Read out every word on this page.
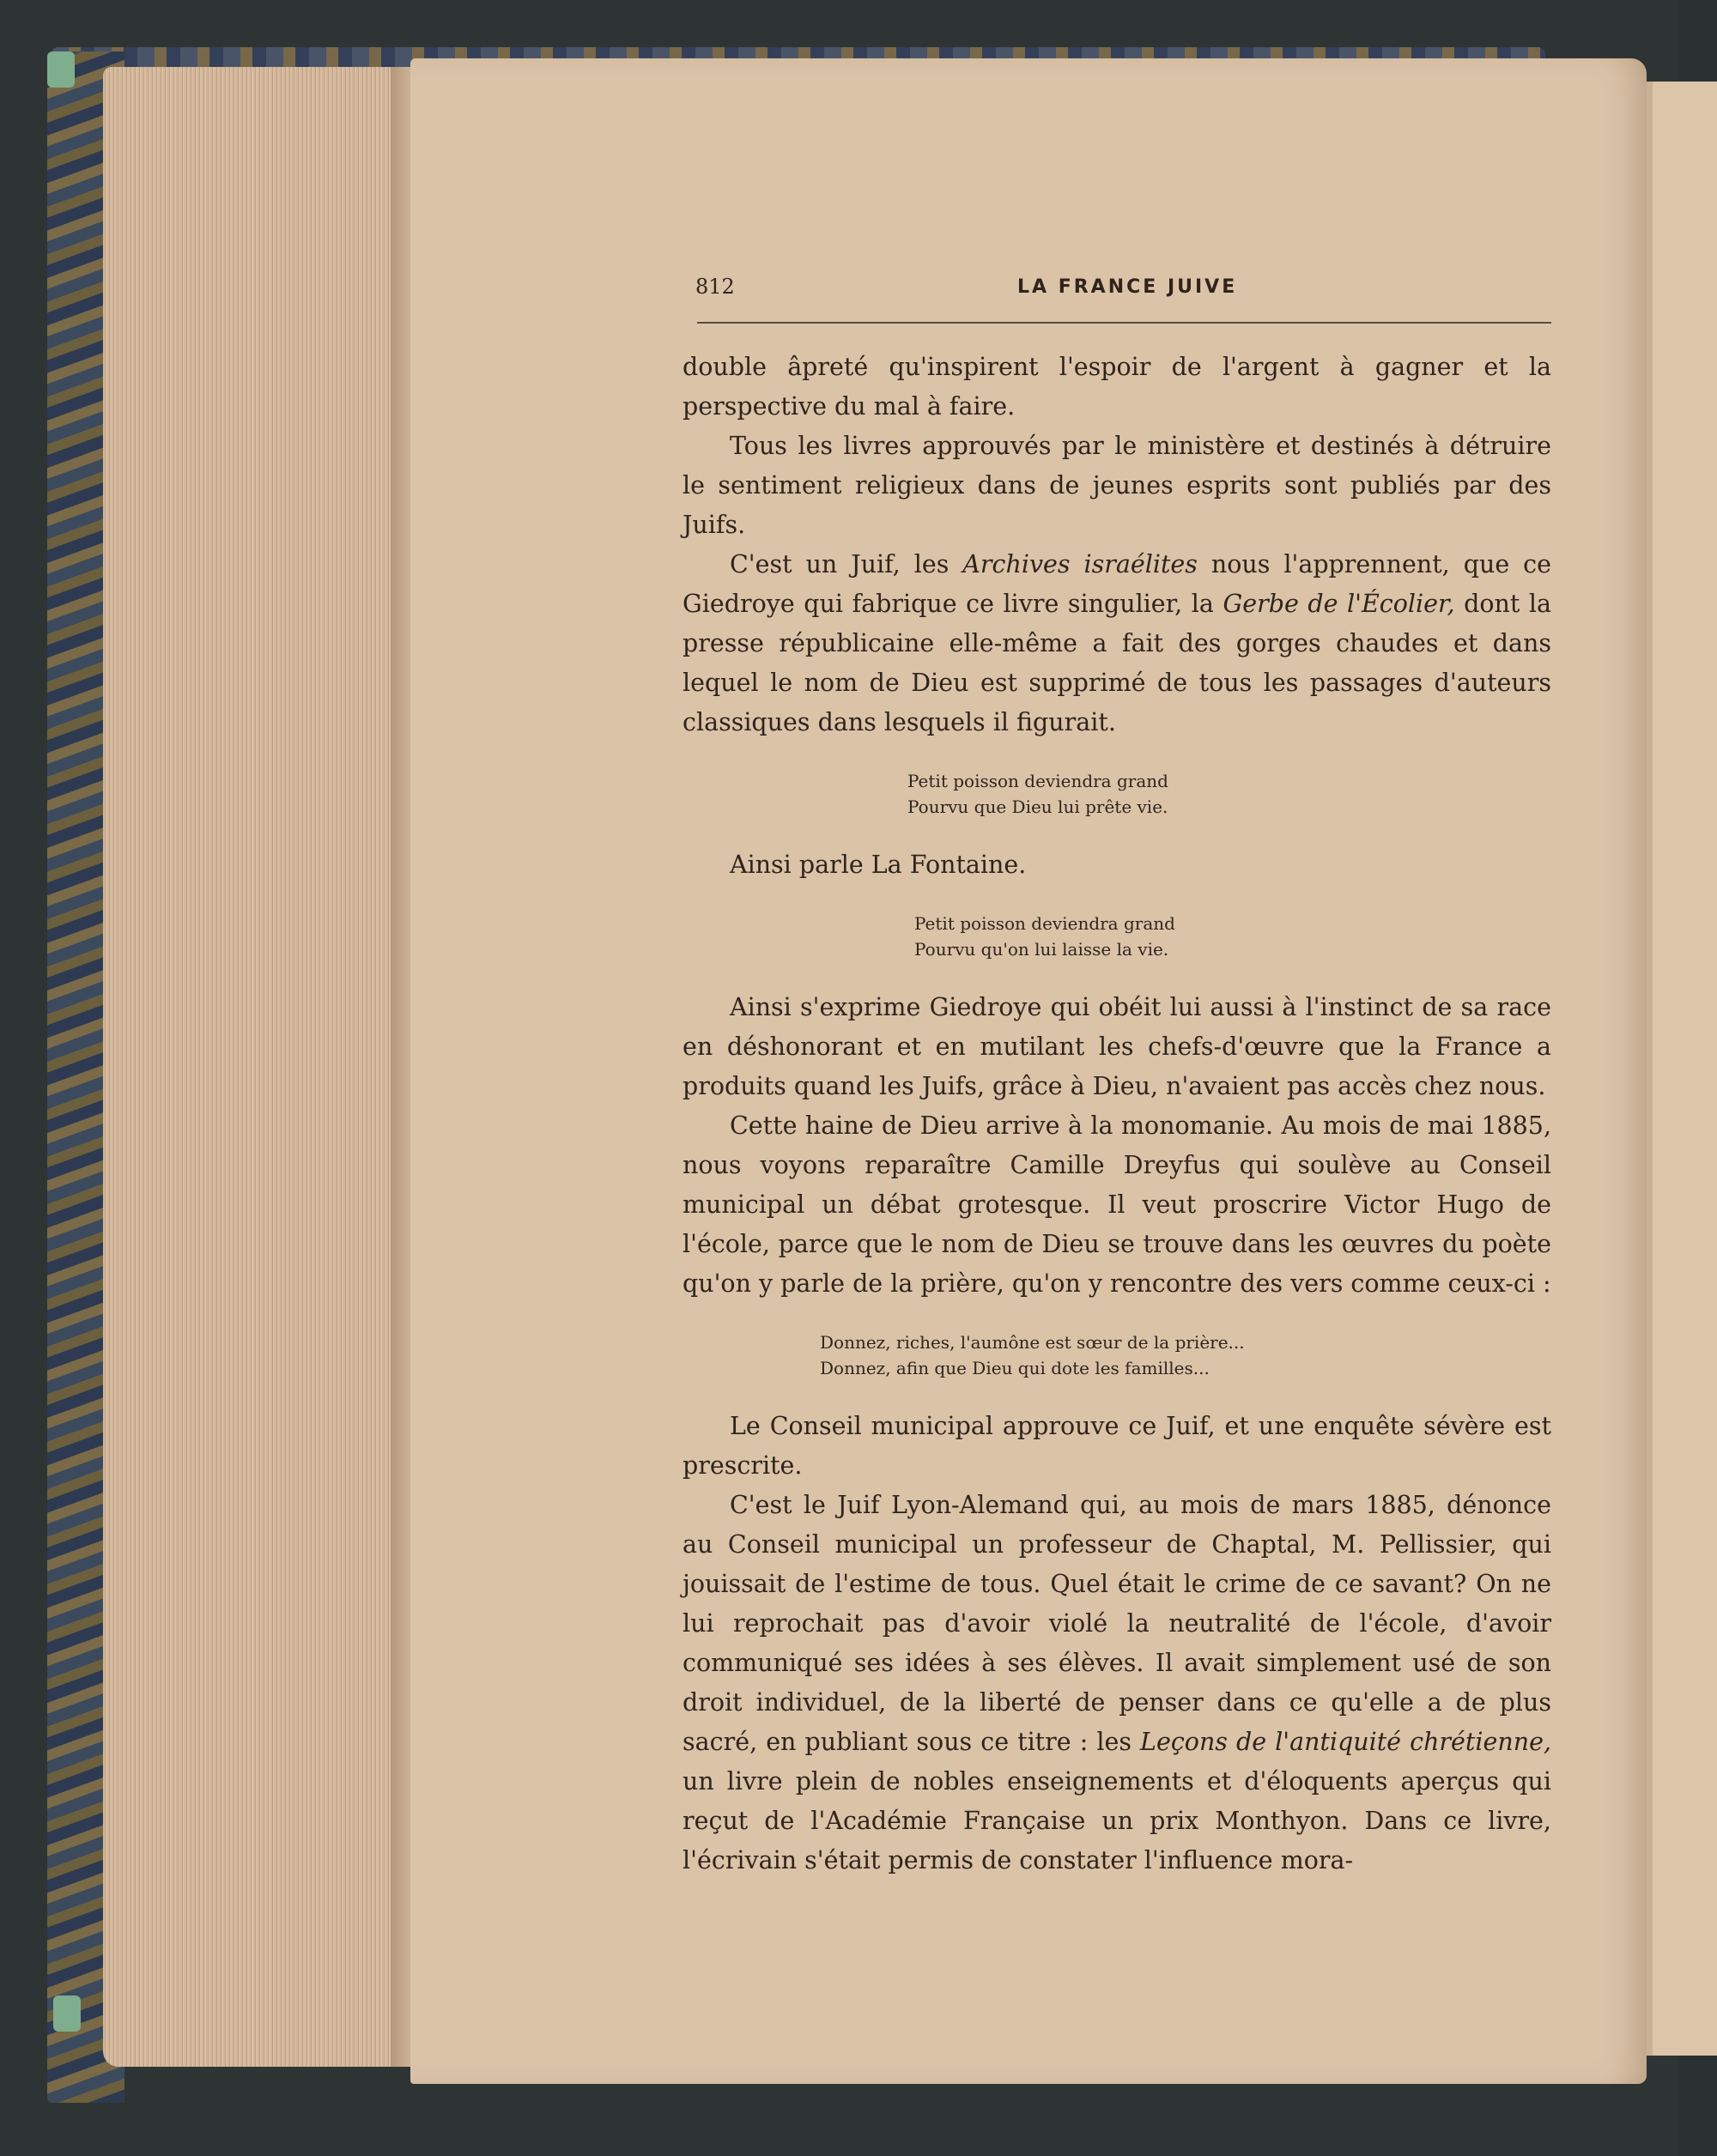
812	LA FRANCE JUIVE

double âpreté qu'inspirent l'espoir de l'argent à gagner et la perspective du mal à faire.

Tous les livres approuvés par le ministère et destinés à détruire le sentiment religieux dans de jeunes esprits sont publiés par des Juifs.

C'est un Juif, les Archives israélites nous l'apprennent, que ce Giedroye qui fabrique ce livre singulier, la Gerbe de l'Écolier, dont la presse républicaine elle-même a fait des gorges chaudes et dans lequel le nom de Dieu est supprimé de tous les passages d'auteurs classiques dans lesquels il figurait.

Petit poisson deviendra grand
Pourvu que Dieu lui prête vie.

Ainsi parle La Fontaine.

Petit poisson deviendra grand
Pourvu qu'on lui laisse la vie.

Ainsi s'exprime Giedroye qui obéit lui aussi à l'instinct de sa race en déshonorant et en mutilant les chefs-d'œuvre que la France a produits quand les Juifs, grâce à Dieu, n'avaient pas accès chez nous.

Cette haine de Dieu arrive à la monomanie. Au mois de mai 1885, nous voyons reparaître Camille Dreyfus qui soulève au Conseil municipal un débat grotesque. Il veut proscrire Victor Hugo de l'école, parce que le nom de Dieu se trouve dans les œuvres du poète qu'on y parle de la prière, qu'on y rencontre des vers comme ceux-ci :

Donnez, riches, l'aumône est sœur de la prière...
Donnez, afin que Dieu qui dote les familles...

Le Conseil municipal approuve ce Juif, et une enquête sévère est prescrite.

C'est le Juif Lyon-Alemand qui, au mois de mars 1885, dénonce au Conseil municipal un professeur de Chaptal, M. Pellissier, qui jouissait de l'estime de tous. Quel était le crime de ce savant? On ne lui reprochait pas d'avoir violé la neutralité de l'école, d'avoir communiqué ses idées à ses élèves. Il avait simplement usé de son droit individuel, de la liberté de penser dans ce qu'elle a de plus sacré, en publiant sous ce titre : les Leçons de l'antiquité chrétienne, un livre plein de nobles enseignements et d'éloquents aperçus qui reçut de l'Académie Française un prix Monthyon. Dans ce livre, l'écrivain s'était permis de constater l'influence mora-
